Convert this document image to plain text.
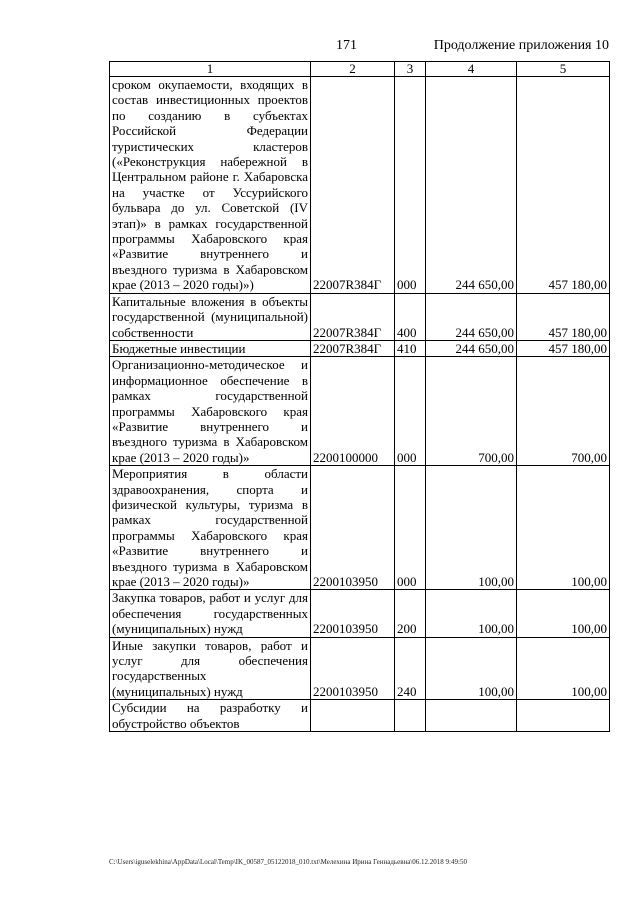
171	Продолжение приложения 10
1	2	3	4	5
сроком окупаемости, входящих в состав инвестиционных проектов по созданию в субъектах Российской Федерации туристических кластеров («Реконструкция набережной в Центральном районе г. Хабаровска на участке от Уссурийского бульвара до ул. Советской (IV этап)» в рамках государственной программы Хабаровского края «Развитие внутреннего и въездного туризма в Хабаровском крае (2013 – 2020 годы)»)	22007R384Г	000	244 650,00	457 180,00
Капитальные вложения в объекты государственной (муниципальной) собственности	22007R384Г	400	244 650,00	457 180,00
Бюджетные инвестиции	22007R384Г	410	244 650,00	457 180,00
Организационно-методическое и информационное обеспечение в рамках государственной программы Хабаровского края «Развитие внутреннего и въездного туризма в Хабаровском крае (2013 – 2020 годы)»	2200100000	000	700,00	700,00
Мероприятия в области здравоохранения, спорта и физической культуры, туризма в рамках государственной программы Хабаровского края «Развитие внутреннего и въездного туризма в Хабаровском крае (2013 – 2020 годы)»	2200103950	000	100,00	100,00
Закупка товаров, работ и услуг для обеспечения государственных (муниципальных) нужд	2200103950	200	100,00	100,00
Иные закупки товаров, работ и услуг для обеспечения государственных (муниципальных) нужд	2200103950	240	100,00	100,00
Субсидии на разработку и обустройство объектов				
C:\Users\iguselekhina\AppData\Local\Temp\IK_00587_05122018_010.txt\Мелехина Ирина Геннадьевна\06.12.2018 9:49:50
